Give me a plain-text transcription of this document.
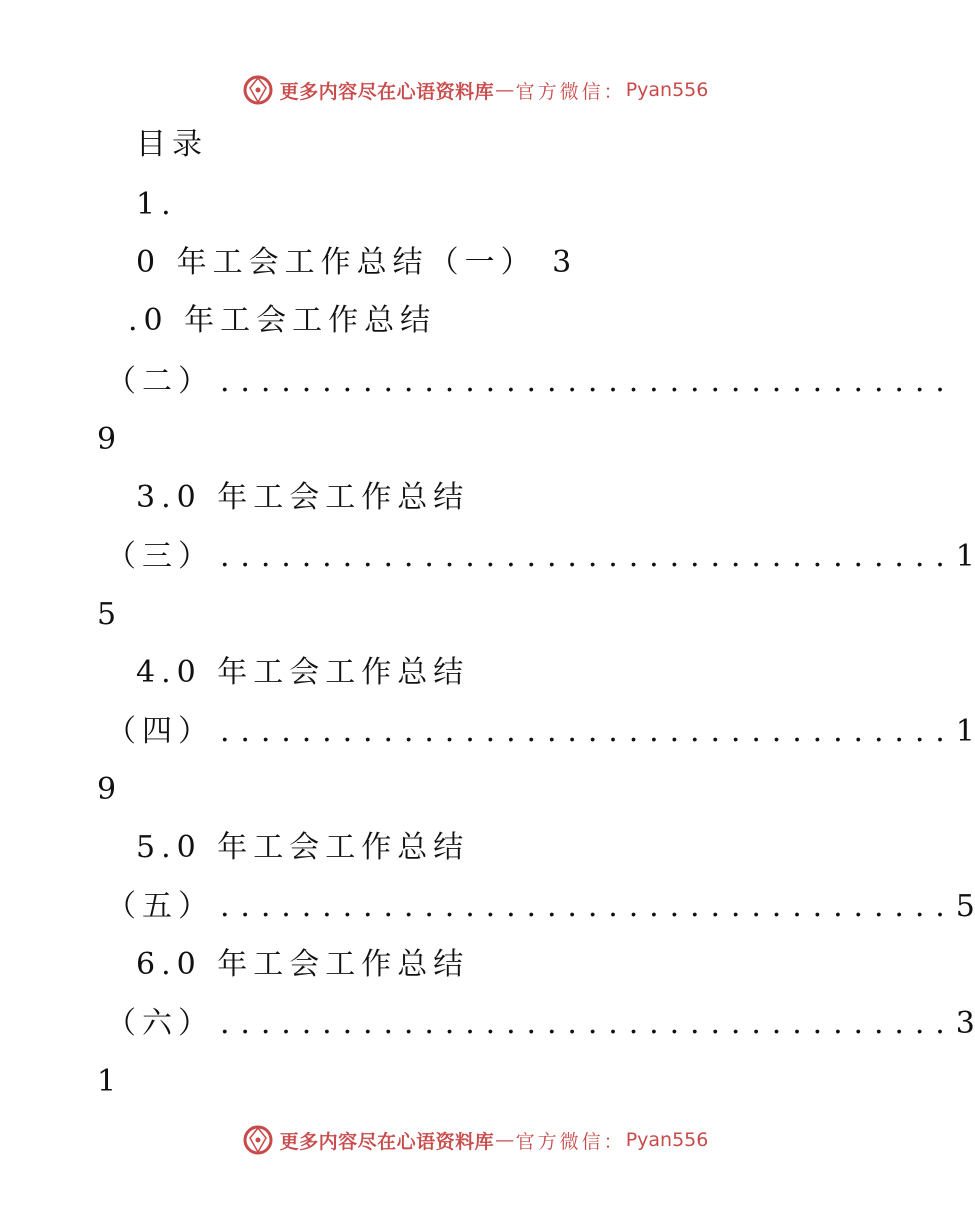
更多内容尽在心语资料库 — 官方微信： Pyan556
目录
1.
0 年工会工作总结（一） 3
.0 年工会工作总结
（二） ....................................
9
3.0 年工会工作总结
（三） .................................... 1
5
4.0 年工会工作总结
（四） .................................... 1
9
5.0 年工会工作总结
（五） .................................... 5
6.0 年工会工作总结
（六） .................................... 3
1
更多内容尽在心语资料库 — 官方微信： Pyan556
